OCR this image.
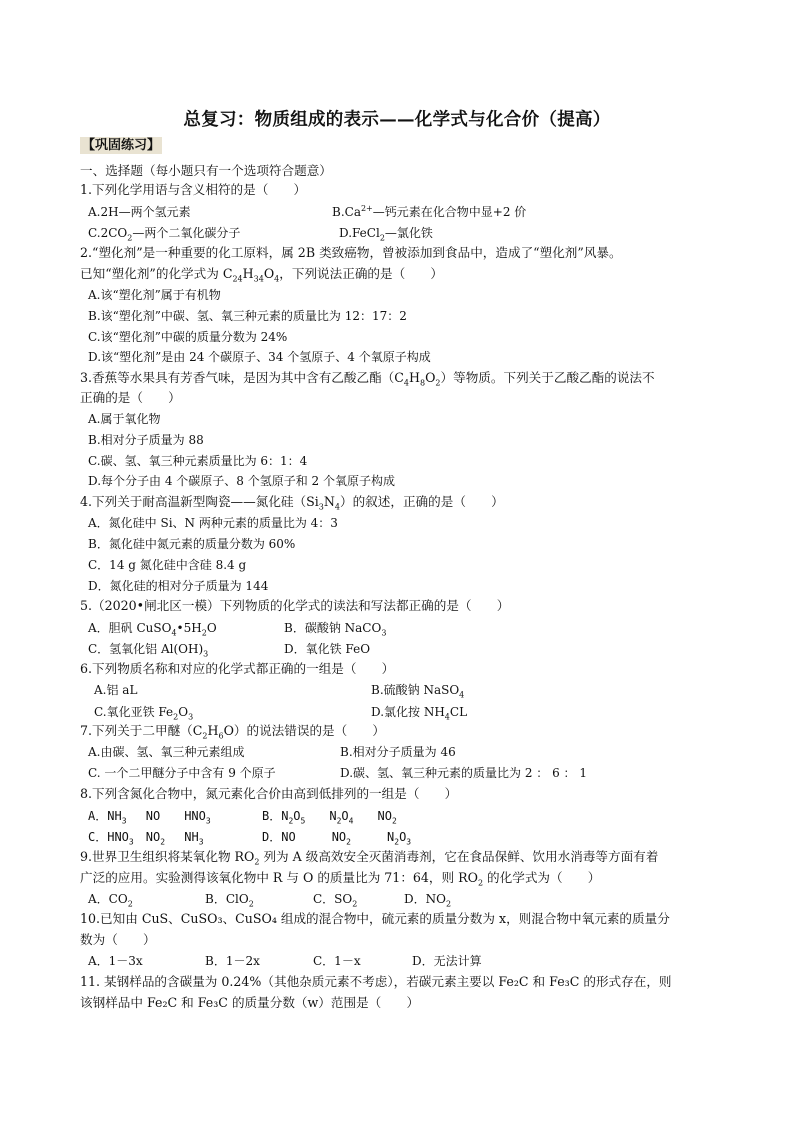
总复习：物质组成的表示——化学式与化合价（提高）
【巩固练习】
一、选择题（每小题只有一个选项符合题意）
1.下列化学用语与含义相符的是（　　）
A.2H—两个氢元素	$B.Ca^{2+}—$钙元素在化合物中显+2 价
$C.2CO_2—$两个二氧化碳分子	D.FeCl$_2$—氯化铁
2.“塑化剂”是一种重要的化工原料，属 2B 类致癌物，曾被添加到食品中，造成了“塑化剂”风暴。
已知“塑化剂”的化学式为 $C_{24}H_{34}O_4$，下列说法正确的是（　　）
A.该“塑化剂”属于有机物
B.该“塑化剂”中碳、氢、氧三种元素的质量比为 12：17：2
C.该“塑化剂”中碳的质量分数为 24%
D.该“塑化剂”是由 24 个碳原子、34 个氢原子、4 个氧原子构成
3.香蕉等水果具有芳香气味，是因为其中含有乙酸乙酯$(C_4H_8O_2)$等物质。下列关于乙酸乙酯的说法不
正确的是（　　）
A.属于氧化物
B.相对分子质量为 88
C.碳、氢、氧三种元素质量比为 6：1：4
D.每个分子由 4 个碳原子、8 个氢原子和 2 个氧原子构成
4.下列关于耐高温新型陶瓷——氮化硅$(Si_3N_4)$的叙述，正确的是（　　）
A．氮化硅中 Si、N 两种元素的质量比为 4：3
B．氮化硅中氮元素的质量分数为 60%
C．14 g 氮化硅中含硅 8.4 g
D．氮化硅的相对分子质量为 144
5.（2020•闸北区一模）下列物质的化学式的读法和写法都正确的是（　　）
A．胆矾 $CuSO_4•5H_2O$	B．碳酸钠 NaCO$_3$
C．氢氧化铝 $Al(OH)_3$	D．氧化铁 FeO
6.下列物质名称和对应的化学式都正确的一组是（　　）
A.铝 aL	B.硫酸钠 NaSO$_4$
C.氧化亚铁 $Fe_2O_3$	D.氯化按 $NH_4CL$
7.下列关于二甲醚$(C_2H_6O)$的说法错误的是（　　）
A.由碳、氢、氧三种元素组成	B.相对分子质量为 46
C. 一个二甲醚分子中含有 9 个原子	D.碳、氢、氧三种元素的质量比为 2 ： 6 ： 1
8.下列含氮化合物中，氮元素化合价由高到低排列的一组是（　　）
A．$NH_3$　 NO　　$HNO_3$	B．$N_2O_5$　　 $N_2O_4$　　 $NO_2$
C．$HNO_3$　 $NO_2$　 $NH_3$	D．NO　　　	$NO_2$　　　	$N_2O_3$
9.世界卫生组织将某氧化物 $RO_2$ 列为 A 级高效安全灭菌消毒剂，它在食品保鲜、饮用水消毒等方面有着
广泛的应用。实验测得该氧化物中 R 与 O 的质量比为 71：64，则 $RO_2$ 的化学式为（　　）
A．$CO_2$	B．ClO$_2$	C．$SO_2$	D．$NO_2$
10.已知由 CuS、CuSO₃、CuSO₄ 组成的混合物中，硫元素的质量分数为 x，则混合物中氧元素的质量分
数为（　　）
A．1－3x	B．1－2x	C．1－x	D．无法计算
11. 某钢样品的含碳量为 0.24%（其他杂质元素不考虑），若碳元素主要以 Fe₂C 和 Fe₃C 的形式存在，则
该钢样品中 Fe₂C 和 Fe₃C 的质量分数（w）范围是（　　）
